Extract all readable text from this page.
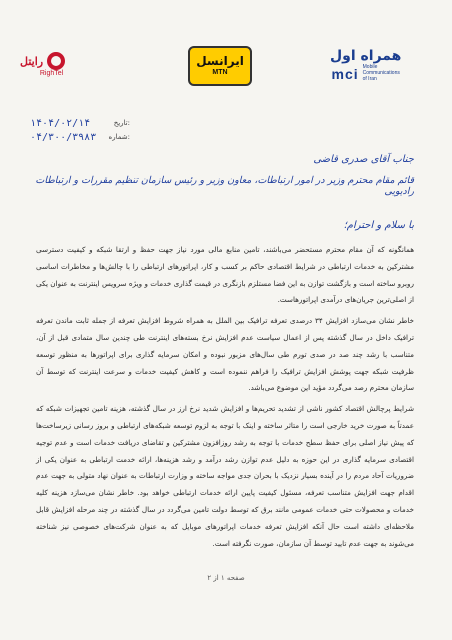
رایتل
RighTel
ایرانسل
MTN
همراه اول
mci Mobile
Communications
of Iran
۱۴۰۴/۰۲/۱۴	تاریخ:
۰۴/۳۰۰/۳۹۸۳ شماره:
جناب آقای صدری قاضی
قائم مقام محترم وزیر در امور ارتباطات، معاون وزیر و رئیس سازمان تنظیم مقررات و ارتباطات رادیویی
با سلام و احترام؛

همانگونه که آن مقام محترم مستحضر می‌باشند، تامین منابع مالی مورد نیاز جهت حفظ و ارتقا شبکه و کیفیت دسترسی مشترکین به خدمات ارتباطی در شرایط اقتصادی حاکم بر کسب و کار، اپراتورهای ارتباطی را با چالش‌ها و مخاطرات اساسی روبرو ساخته است و بازگشت توازن به این فضا مستلزم بازنگری در قیمت گذاری خدمات و ویژه سرویس اینترنت به عنوان یکی از اصلی‌ترین جریان‌های درآمدی اپراتورهاست.

خاطر نشان می‌سازد افزایش ۳۴ درصدی تعرفه ترافیک بین الملل به همراه شروط افزایش تعرفه از جمله ثابت ماندن تعرفه ترافیک داخل در سال گذشته پس از اعمال سیاست عدم افزایش نرخ بسته‌های اینترنت طی چندین سال متمادی قبل از آن، متناسب با رشد چند صد در صدی تورم طی سال‌های مزبور نبوده و امکان سرمایه گذاری برای اپراتورها به منظور توسعه ظرفیت شبکه جهت پوشش افزایش ترافیک را فراهم ننموده است و کاهش کیفیت خدمات و سرعت اینترنت که توسط آن سازمان محترم رصد می‌گردد مؤید این موضوع می‌باشد.

شرایط پرچالش اقتصاد کشور ناشی از تشدید تحریم‌ها و افزایش شدید نرخ ارز در سال گذشته، هزینه تامین تجهیزات شبکه که عمدتاً به صورت خرید خارجی است را متاثر ساخته و اینک با توجه به لزوم توسعه شبکه‌های ارتباطی و بروز رسانی زیرساخت‌ها که پیش نیاز اصلی برای حفظ سطح خدمات با توجه به رشد روزافزون مشترکین و تقاضای دریافت خدمات است و عدم توجیه اقتصادی سرمایه گذاری در این حوزه به دلیل عدم توازن رشد درآمد و رشد هزینه‌ها، ارائه خدمت ارتباطی به عنوان یکی از ضروریات آحاد مردم را در آینده بسیار نزدیک با بحران جدی مواجه ساخته و وزارت ارتباطات به عنوان نهاد متولی به جهت عدم اقدام جهت افزایش متناسب تعرفه، مسئول کیفیت پایین ارائه خدمات ارتباطی خواهد بود. خاطر نشان می‌سازد هزینه کلیه خدمات و محصولات حتی خدمات عمومی مانند برق که توسط دولت تامین می‌گردد در سال گذشته در چند مرحله افزایش قابل ملاحظه‌ای داشته است حال آنکه افزایش تعرفه خدمات اپراتورهای موبایل که به عنوان شرکت‌های خصوصی نیز شناخته می‌شوند به جهت عدم تایید توسط آن سازمان، صورت نگرفته است.

صفحه ۱ از ۲
